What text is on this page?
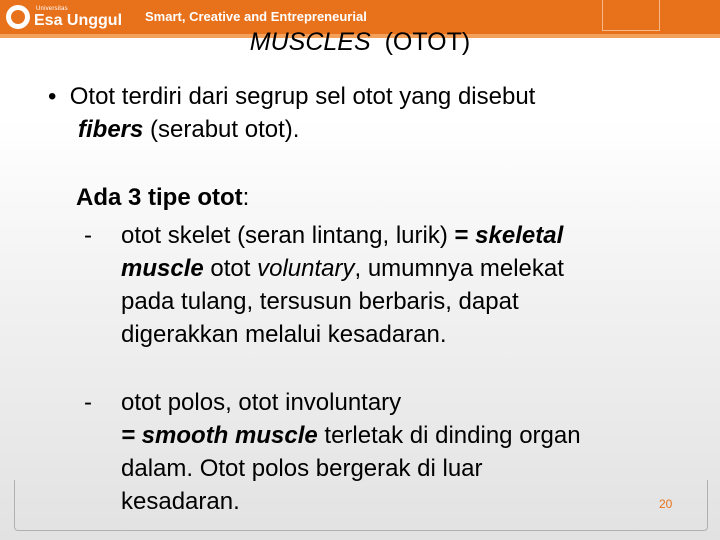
Universitas
Esa Unggul Smart, Creative and Entrepreneurial
MUSCLES (OTOT)
• Otot terdiri dari segrup sel otot yang disebut
fibers (serabut otot).
Ada 3 tipe otot:
- otot skelet (seran lintang, lurik) = skeletal
muscle otot voluntary, umumnya melekat
pada tulang, tersusun berbaris, dapat
digerakkan melalui kesadaran.
- otot polos, otot involuntary
= smooth muscle terletak di dinding organ
dalam. Otot polos bergerak di luar
kesadaran.	20
